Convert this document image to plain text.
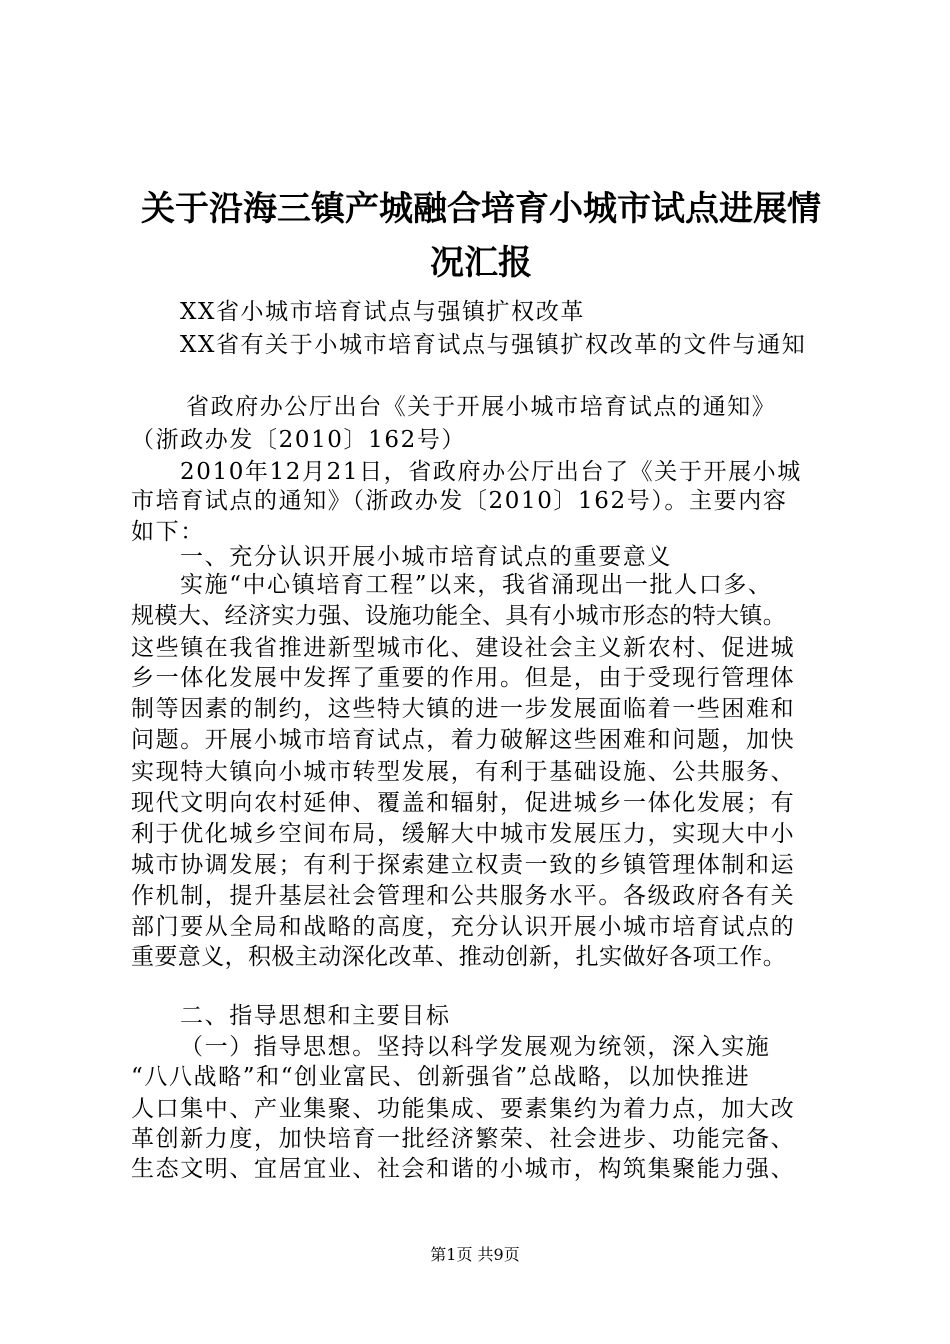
关于沿海三镇产城融合培育小城市试点进展情
况汇报
XX省小城市培育试点与强镇扩权改革
XX省有关于小城市培育试点与强镇扩权改革的文件与通知
省政府办公厅出台《关于开展小城市培育试点的通知》
（浙政办发〔2010〕162号）
2010年12月21日，省政府办公厅出台了《关于开展小城
市培育试点的通知》（浙政办发〔2010〕162号）。主要内容
如下：
一、充分认识开展小城市培育试点的重要意义
实施“中心镇培育工程”以来，我省涌现出一批人口多、
规模大、经济实力强、设施功能全、具有小城市形态的特大镇。
这些镇在我省推进新型城市化、建设社会主义新农村、促进城
乡一体化发展中发挥了重要的作用。但是，由于受现行管理体
制等因素的制约，这些特大镇的进一步发展面临着一些困难和
问题。开展小城市培育试点，着力破解这些困难和问题，加快
实现特大镇向小城市转型发展，有利于基础设施、公共服务、
现代文明向农村延伸、覆盖和辐射，促进城乡一体化发展；有
利于优化城乡空间布局，缓解大中城市发展压力，实现大中小
城市协调发展；有利于探索建立权责一致的乡镇管理体制和运
作机制，提升基层社会管理和公共服务水平。各级政府各有关
部门要从全局和战略的高度，充分认识开展小城市培育试点的
重要意义，积极主动深化改革、推动创新，扎实做好各项工作。
二、指导思想和主要目标
（一）指导思想。坚持以科学发展观为统领，深入实施
“八八战略”和“创业富民、创新强省”总战略，以加快推进
人口集中、产业集聚、功能集成、要素集约为着力点，加大改
革创新力度，加快培育一批经济繁荣、社会进步、功能完备、
生态文明、宜居宜业、社会和谐的小城市，构筑集聚能力强、
第1页 共9页
